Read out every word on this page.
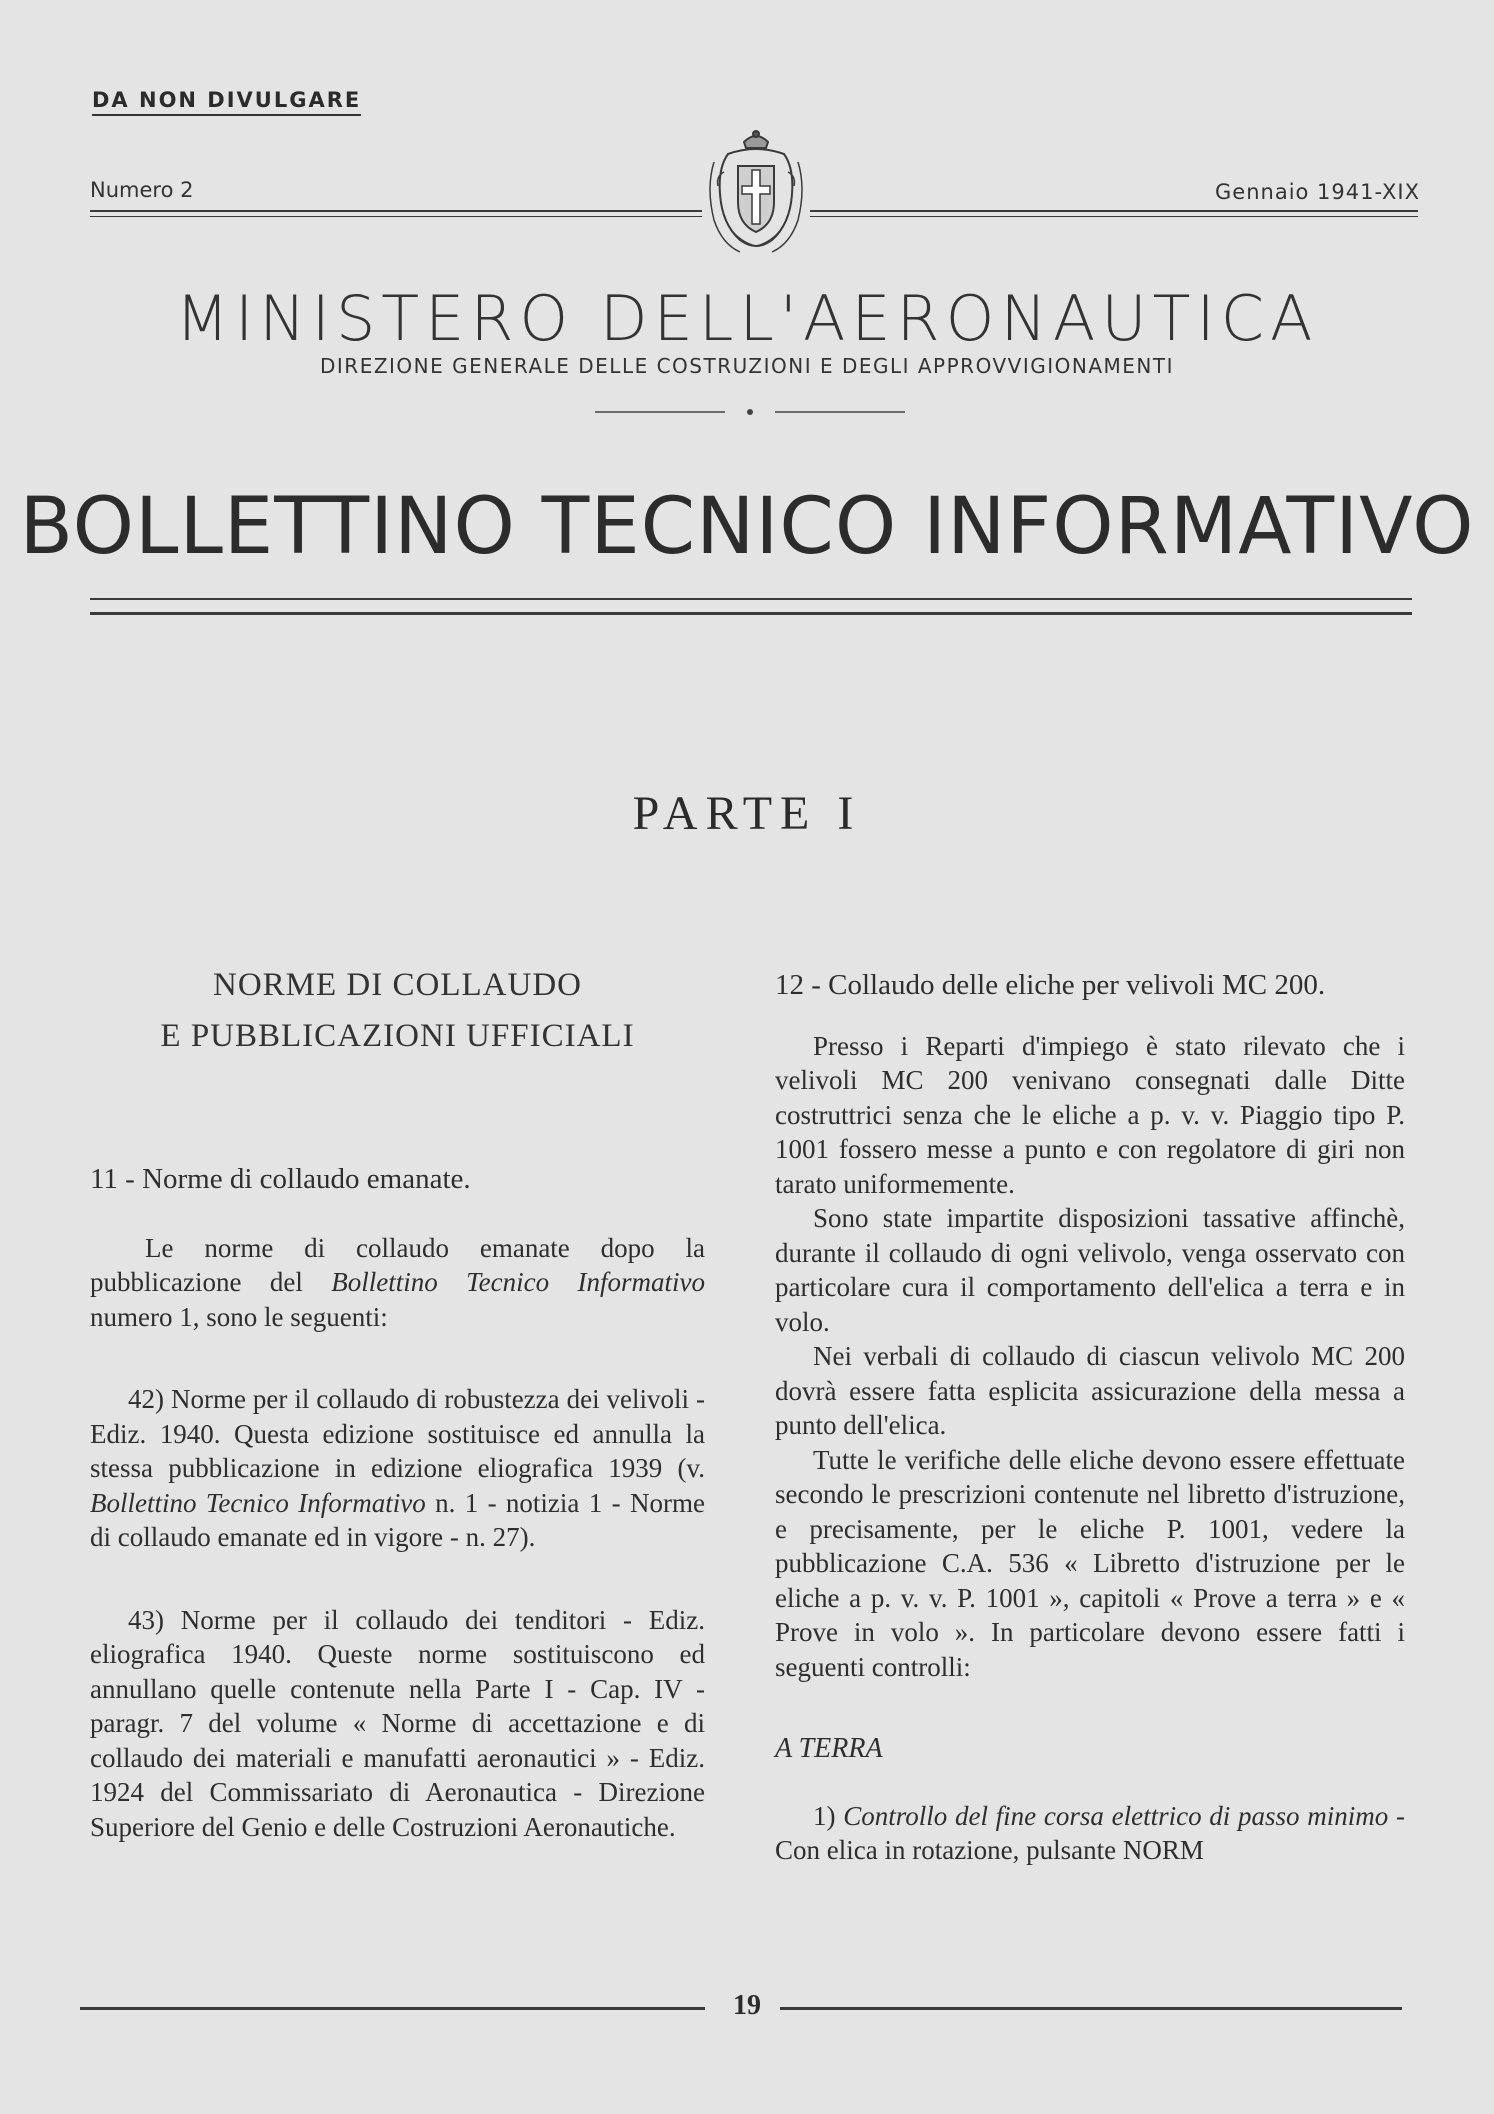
DA NON DIVULGARE
Numero 2	Gennaio 1941-XIX
MINISTERO DELL'AERONAUTICA
DIREZIONE GENERALE DELLE COSTRUZIONI E DEGLI APPROVVIGIONAMENTI
BOLLETTINO TECNICO INFORMATIVO
PARTE I
NORME DI COLLAUDO
E PUBBLICAZIONI UFFICIALI
11 - Norme di collaudo emanate.

Le norme di collaudo emanate dopo la pubblicazione del Bollettino Tecnico Informativo numero 1, sono le seguenti:

42) Norme per il collaudo di robustezza dei velivoli - Ediz. 1940. Questa edizione sostituisce ed annulla la stessa pubblicazione in edizione eliografica 1939 (v. Bollettino Tecnico Informativo n. 1 - notizia 1 - Norme di collaudo emanate ed in vigore - n. 27).

43) Norme per il collaudo dei tenditori - Ediz. eliografica 1940. Queste norme sostituiscono ed annullano quelle contenute nella Parte I - Cap. IV - paragr. 7 del volume « Norme di accettazione e di collaudo dei materiali e manufatti aeronautici » - Ediz. 1924 del Commissariato di Aeronautica - Direzione Superiore del Genio e delle Costruzioni Aeronautiche.

12 - Collaudo delle eliche per velivoli MC 200.

Presso i Reparti d'impiego è stato rilevato che i velivoli MC 200 venivano consegnati dalle Ditte costruttrici senza che le eliche a p. v. v. Piaggio tipo P. 1001 fossero messe a punto e con regolatore di giri non tarato uniformemente.

Sono state impartite disposizioni tassative affinchè, durante il collaudo di ogni velivolo, venga osservato con particolare cura il comportamento dell'elica a terra e in volo.

Nei verbali di collaudo di ciascun velivolo MC 200 dovrà essere fatta esplicita assicurazione della messa a punto dell'elica.

Tutte le verifiche delle eliche devono essere effettuate secondo le prescrizioni contenute nel libretto d'istruzione, e precisamente, per le eliche P. 1001, vedere la pubblicazione C.A. 536 « Libretto d'istruzione per le eliche a p. v. v. P. 1001 », capitoli « Prove a terra » e « Prove in volo ». In particolare devono essere fatti i seguenti controlli:

A TERRA

1) Controllo del fine corsa elettrico di passo minimo - Con elica in rotazione, pulsante NORM

19
